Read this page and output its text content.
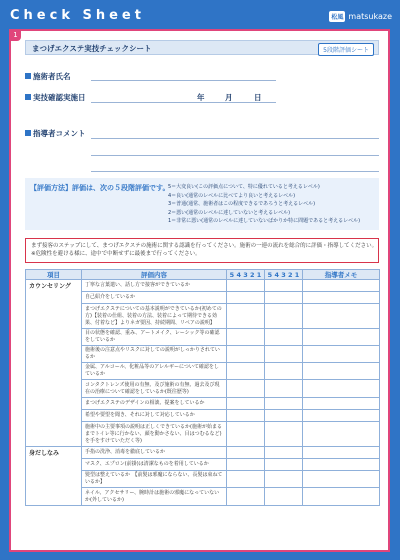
Check Sheet	松風 matsukaze
1
まつげエクステ実技チェックシート	5段階評価シート
施術者氏名
実技確認実施日	年	月	日
指導者コメント
【評価方法】評価は、次の５段階評価です。
5＝大変良い(この評価点について、特に優れていると考えるレベル)
4＝良い(通常のレベルに比べてより良いと考えるレベル)
3＝普通(通常、施術者はこの程度できるであろうと考えるレベル)
2＝悪い(通常のレベルに達していないと考えるレベル)
1＝非常に悪い(通常のレベルに達していないばかりか特に問題であると考えるレベル)
まず接客のステップにして、まつげエクステの施術に関する認識を行ってください。施術の一連の流れを総合的に評価・指導してください。
※危険性を避ける様に、途中で中断せずに最後まで行ってください。
項目	評価内容	5 4 3 2 1	5 4 3 2 1	指導者メモ
カウンセリング	丁寧な言葉遣い、話し方で接客ができているか			
	自己紹介をしているか			
	まつげエクステについての基本説明ができているか(初めての方)【装着の仕組、装着の方法、装着によって期待できる効果、付着など】よりネガ要因、持続期間、リペアの説明】			
	目の状態を確認、重み、アートメイク、レーシック等の確認をしているか			
	施術後の注意点やリスクに対しての説明がしっかりされているか			
	金属、アルコール、化粧品等のアレルギーについて確認をしているか			
	コンタクトレンズ使用の有無、及び施術の有無、過去及び現在の治療について確認をしているか(既往歴等)			
	まつげエクステのデザインの相談、提案をしているか			
	希望や要望を聞き、それに対して対応しているか			
	施術中の主要事項の説明は正しくできているか(施術が始まるまでトイレ等に行かない、顔を動かさない、目はつむるなど)を手をすけていただく等)			
身だしなみ	手指の洗浄、消毒を徹底しているか			
	マスク、エプロン(前掛)は清潔なものを着用しているか			
	髪型は整えているか　【前髪は邪魔にならない、長髪は束ねているか】			
	ネイル、アクセサリー、腕時計は施術の邪魔になっていないか(外しているか)			
